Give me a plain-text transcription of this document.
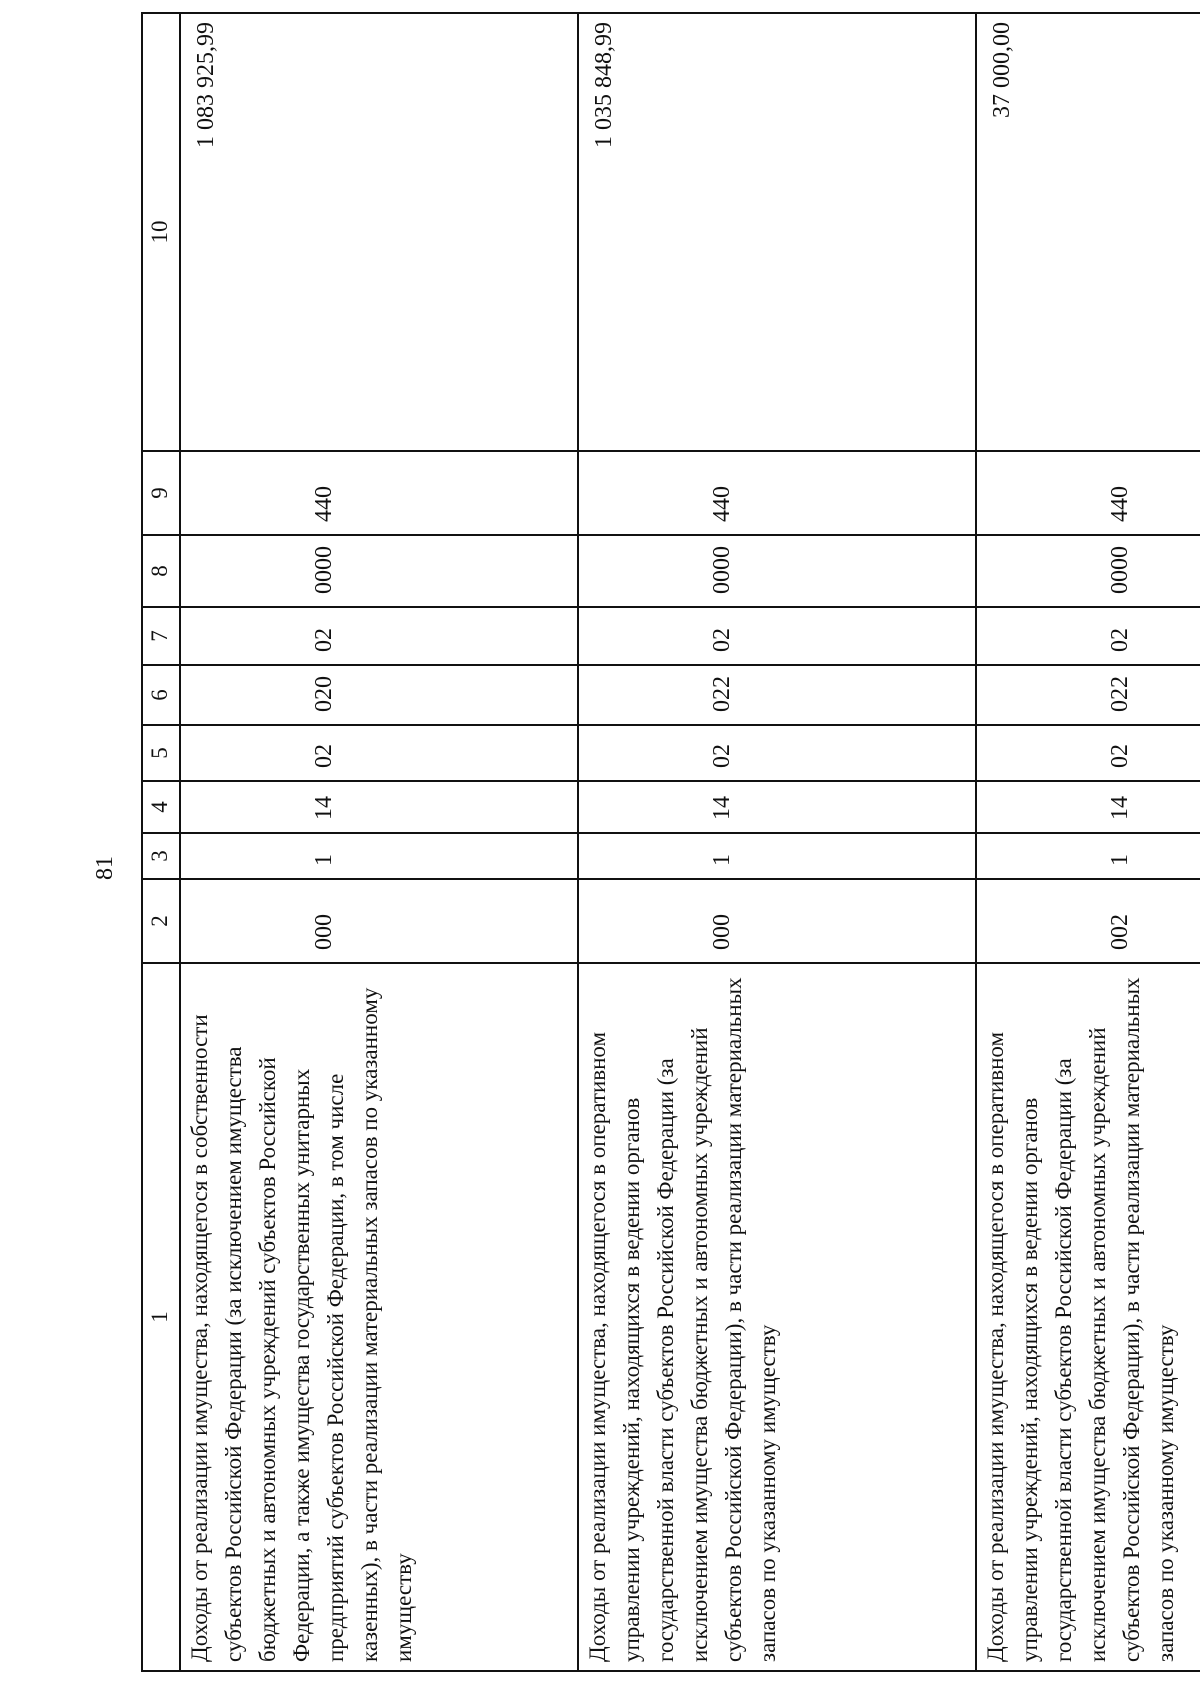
81
1	2	3	4	5	6	7	8	9	10
Доходы от реализации имущества, находящегося в собственности субъектов Российской Федерации (за исключением имущества бюджетных и автономных учреждений субъектов Российской Федерации, а также имущества государственных унитарных предприятий субъектов Российской Федерации, в том числе казенных), в части реализации материальных запасов по указанному имуществу	000	1	14	02	020	02	0000	440	1 083 925,99
Доходы от реализации имущества, находящегося в оперативном управлении учреждений, находящихся в ведении органов государственной власти субъектов Российской Федерации (за исключением имущества бюджетных и автономных учреждений субъектов Российской Федерации), в части реализации материальных запасов по указанному имуществу	000	1	14	02	022	02	0000	440	1 035 848,99
Доходы от реализации имущества, находящегося в оперативном управлении учреждений, находящихся в ведении органов государственной власти субъектов Российской Федерации (за исключением имущества бюджетных и автономных учреждений субъектов Российской Федерации), в части реализации материальных запасов по указанному имуществу	002	1	14	02	022	02	0000	440	37 000,00
